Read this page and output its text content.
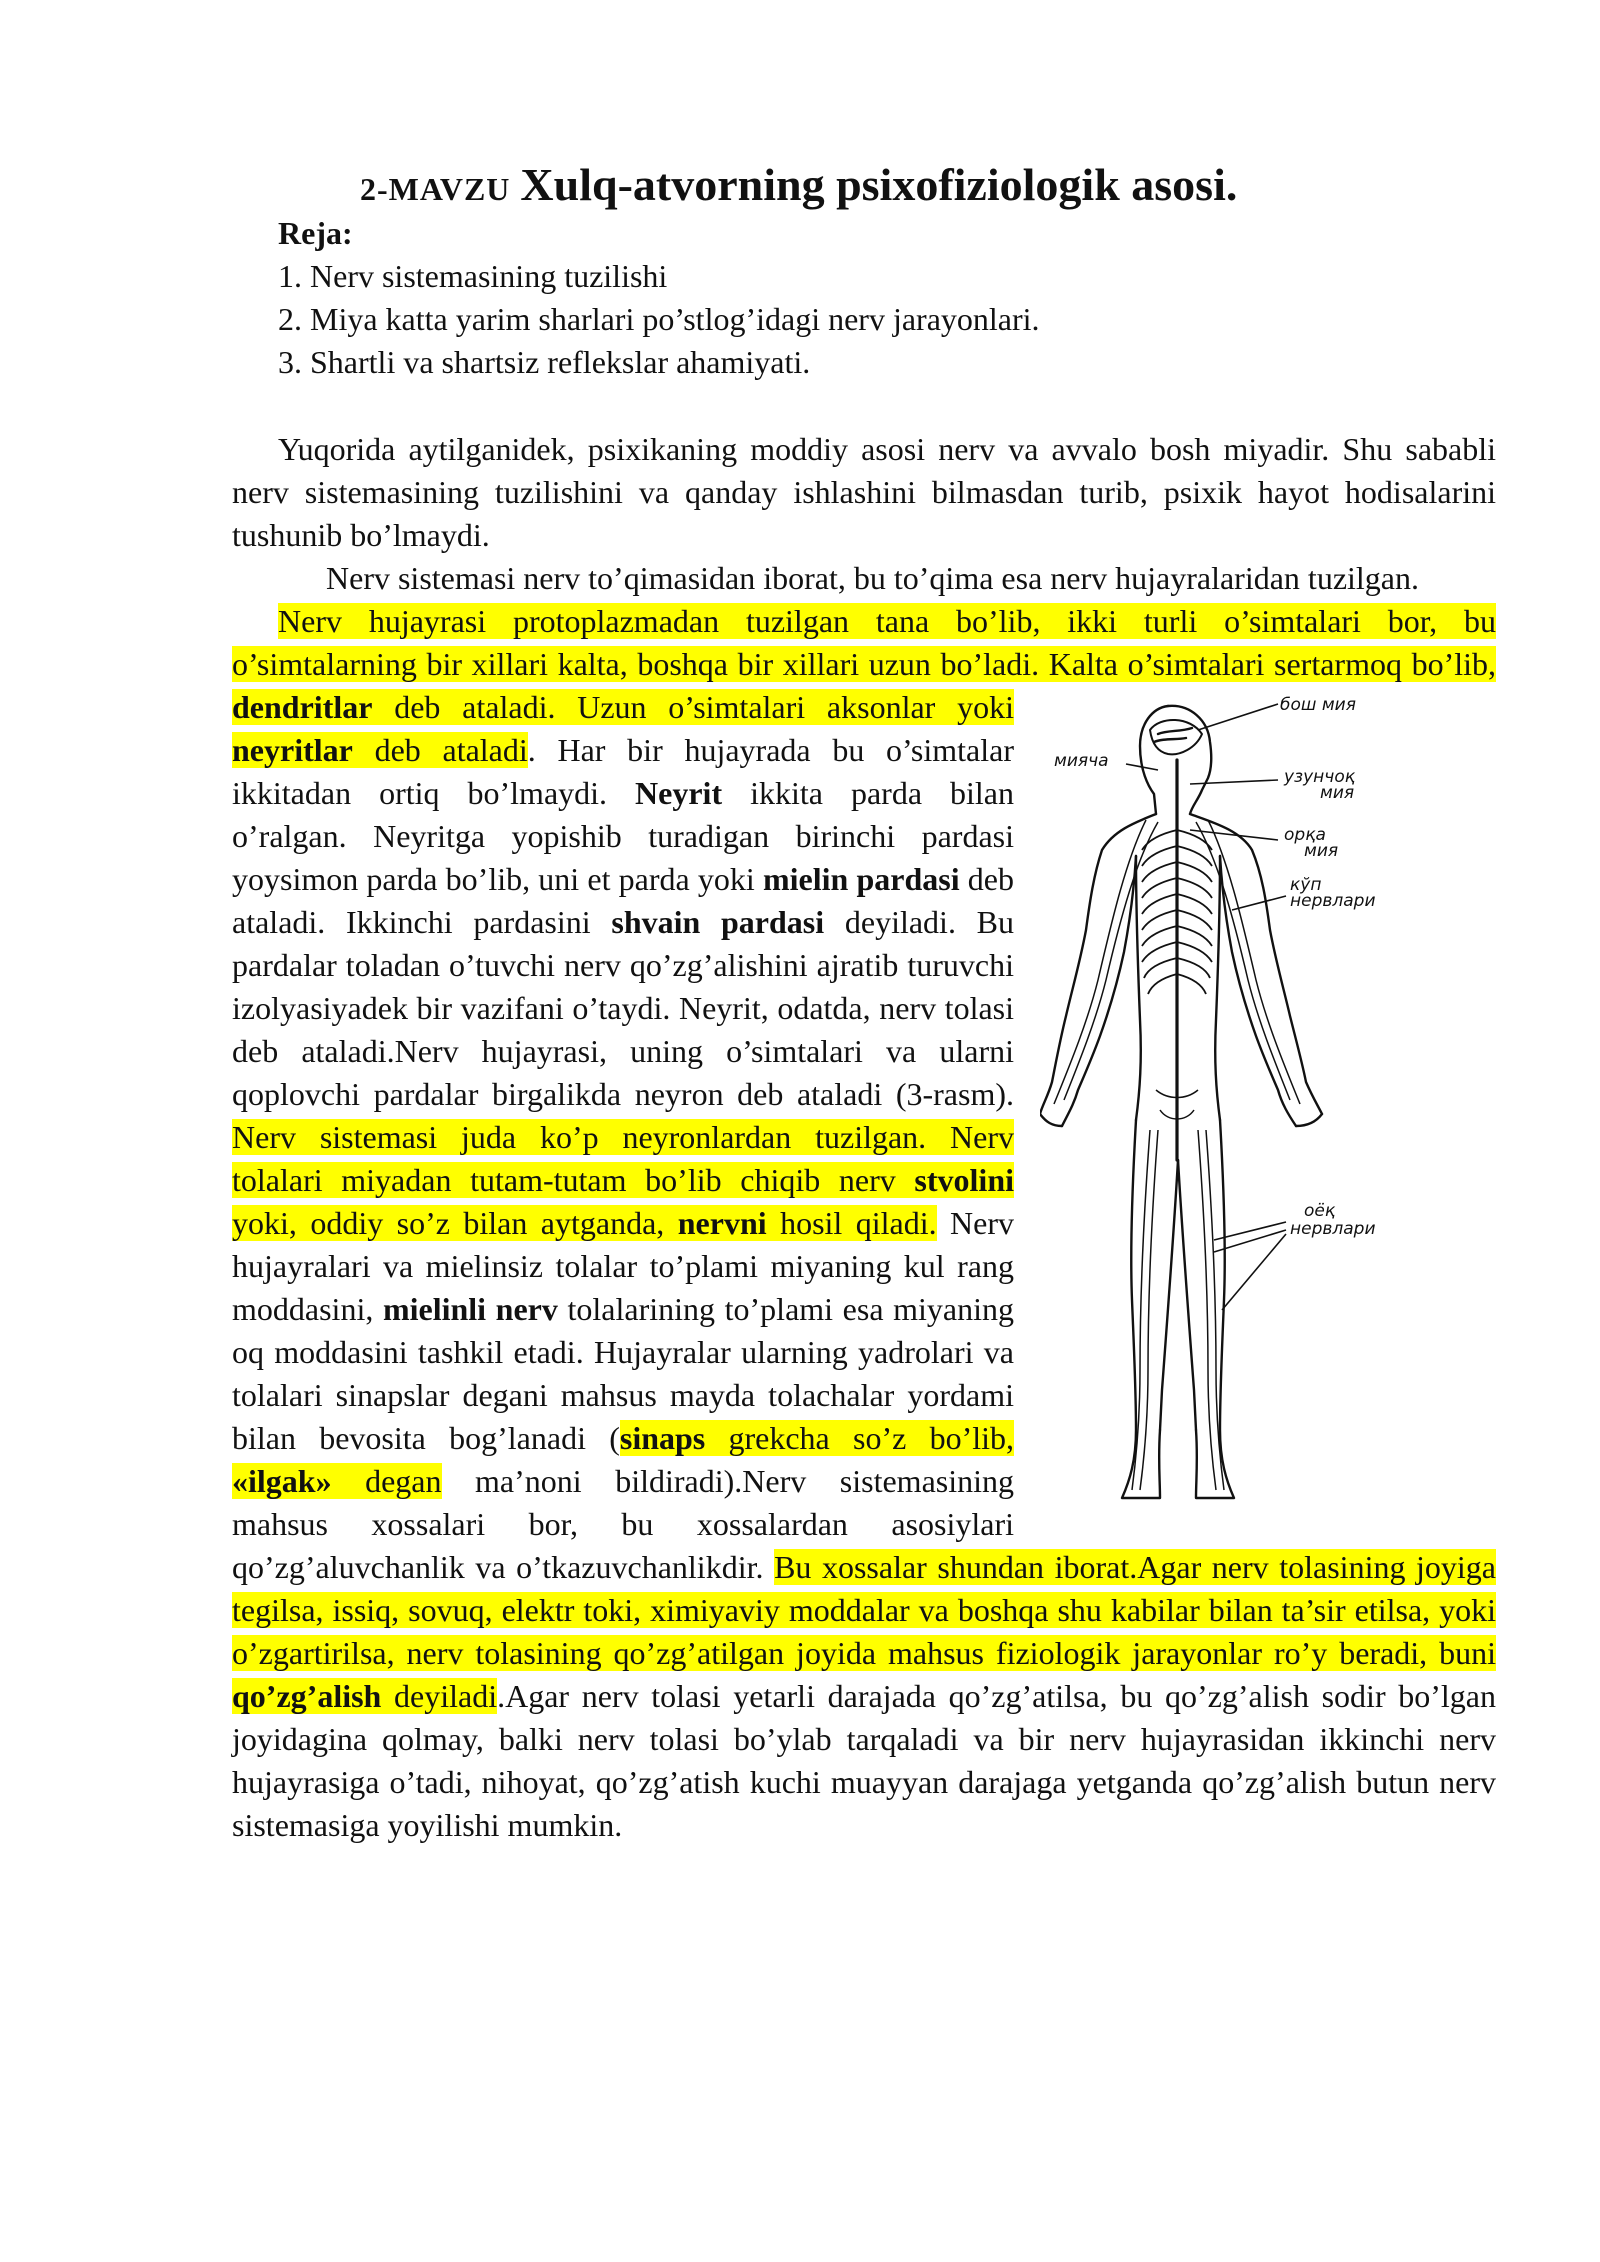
2-MAVZU Xulq-atvorning psixofiziologik asosi.
Reja:
1. Nerv sistemasining tuzilishi
2. Miya katta yarim sharlari po’stlog’idagi nerv jarayonlari.
3. Shartli va shartsiz reflekslar ahamiyati.

Yuqorida aytilganidek, psixikaning moddiy asosi nerv va avvalo bosh miyadir. Shu sababli nerv sistemasining tuzilishini va qanday ishlashini bilmasdan turib, psixik hayot hodisalarini tushunib bo’lmaydi.

Nerv sistemasi nerv to’qimasidan iborat, bu to’qima esa nerv hujayralaridan tuzilgan.

Nerv hujayrasi protoplazmadan tuzilgan tana bo’lib, ikki turli o’simtalari bor, bu o’simtalarning bir xillari kalta, boshqa bir xillari uzun bo’ladi. Kalta o’simtalari sertarmoq bo’lib, dendritlar deb ataladi. Uzun o’simtalari aksonlar yoki	бош мия
мияча
узунчоқ
мия
орқа
мия
кўп
нервлари
оёқ
нервлари
neyritlar deb ataladi. Har bir hujayrada bu o’simtalar ikkitadan ortiq bo’lmaydi. Neyrit ikkita parda bilan o’ralgan. Neyritga yopishib turadigan birinchi pardasi yoysimon parda bo’lib, uni et parda yoki mielin pardasi deb ataladi. Ikkinchi pardasini shvain pardasi deyiladi. Bu pardalar toladan o’tuvchi nerv qo’zg’alishini ajratib turuvchi izolyasiyadek bir vazifani o’taydi. Neyrit, odatda, nerv tolasi deb ataladi.Nerv hujayrasi, uning o’simtalari va ularni qoplovchi pardalar birgalikda neyron deb ataladi (3-rasm). Nerv sistemasi juda ko’p neyronlardan tuzilgan. Nerv tolalari miyadan tutam-tutam bo’lib chiqib nerv stvolini yoki, oddiy so’z bilan aytganda, nervni hosil qiladi. Nerv hujayralari va mielinsiz tolalar to’plami miyaning kul rang moddasini, mielinli nerv tolalarining to’plami esa miyaning oq moddasini tashkil etadi. Hujayralar ularning yadrolari va tolalari sinapslar degani mahsus mayda tolachalar yordami bilan bevosita bog’lanadi (sinaps grekcha so’z bo’lib, «ilgak» degan ma’noni bildiradi).Nerv sistemasining mahsus xossalari bor, bu xossalardan asosiylari qo’zg’aluvchanlik va o’tkazuvchanlikdir. Bu xossalar shundan iborat.Agar nerv tolasining joyiga tegilsa, issiq, sovuq, elektr toki, ximiyaviy moddalar va boshqa shu kabilar bilan ta’sir etilsa, yoki o’zgartirilsa, nerv tolasining qo’zg’atilgan joyida mahsus fiziologik jarayonlar ro’y beradi, buni qo’zg’alish deyiladi.Agar nerv tolasi yetarli darajada qo’zg’atilsa, bu qo’zg’alish sodir bo’lgan joyidagina qolmay, balki nerv tolasi bo’ylab tarqaladi va bir nerv hujayrasidan ikkinchi nerv hujayrasiga o’tadi, nihoyat, qo’zg’atish kuchi muayyan darajaga yetganda qo’zg’alish butun nerv sistemasiga yoyilishi mumkin.
